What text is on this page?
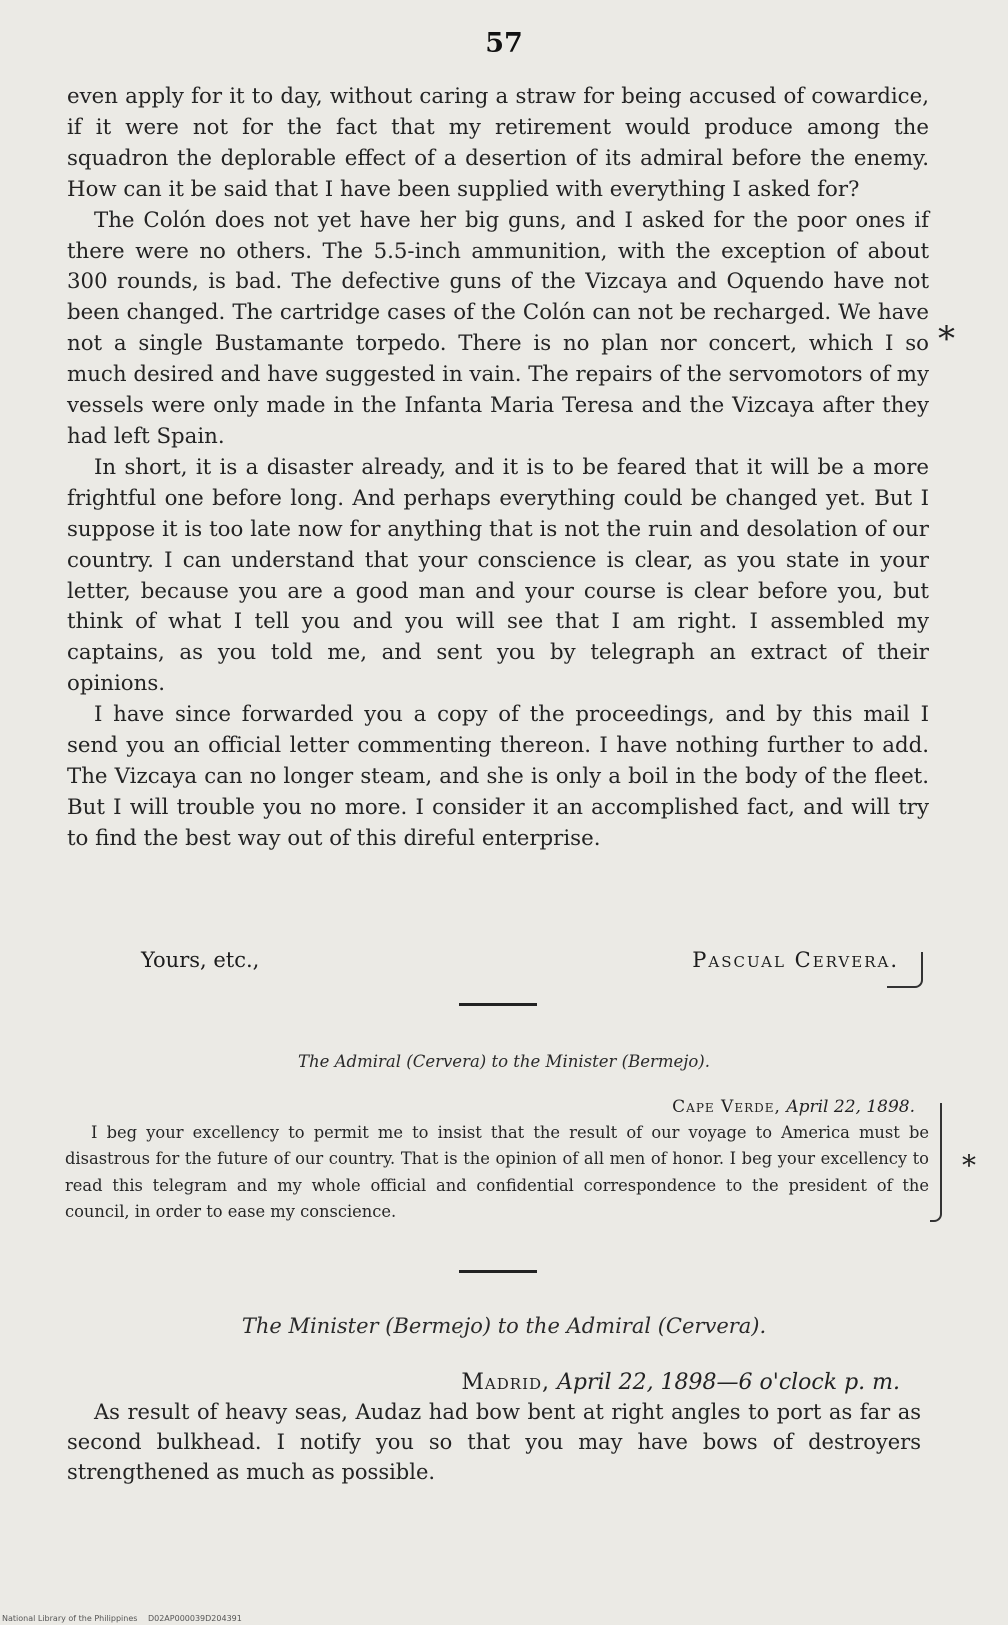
57

even apply for it to day, without caring a straw for being accused of cowardice, if it were not for the fact that my retirement would produce among the squadron the deplorable effect of a desertion of its admiral before the enemy. How can it be said that I have been supplied with everything I asked for?

The Colón does not yet have her big guns, and I asked for the poor ones if there were no others. The 5.5-inch ammunition, with the exception of about 300 rounds, is bad. The defective guns of the Vizcaya and Oquendo have not been changed. The cartridge cases of the Colón can not be recharged. We have not a single Bustamante torpedo. There is no plan nor concert, which I so much desired and have suggested in vain. The repairs of the servomotors of my vessels were only made in the Infanta Maria Teresa and the Vizcaya after they had left Spain.

In short, it is a disaster already, and it is to be feared that it will be a more frightful one before long. And perhaps everything could be changed yet. But I suppose it is too late now for anything that is not the ruin and desolation of our country. I can understand that your conscience is clear, as you state in your letter, because you are a good man and your course is clear before you, but think of what I tell you and you will see that I am right. I assembled my captains, as you told me, and sent you by telegraph an extract of their opinions.

I have since forwarded you a copy of the proceedings, and by this mail I send you an official letter commenting thereon. I have nothing further to add. The Vizcaya can no longer steam, and she is only a boil in the body of the fleet. But I will trouble you no more. I consider it an accomplished fact, and will try to find the best way out of this direful enterprise.

Yours, etc.,	Pascual Cervera.
The Admiral (Cervera) to the Minister (Bermejo).
Cape Verde, April 22, 1898.

I beg your excellency to permit me to insist that the result of our voyage to America must be disastrous for the future of our country. That is the opinion of all men of honor. I beg your excellency to read this telegram and my whole official and confidential correspondence to the president of the council, in order to ease my conscience.

The Minister (Bermejo) to the Admiral (Cervera).
Madrid, April 22, 1898—6 o'clock p. m.

As result of heavy seas, Audaz had bow bent at right angles to port as far as second bulkhead. I notify you so that you may have bows of destroyers strengthened as much as possible.

*
*
National Library of the Philippines D02AP000039D204391
